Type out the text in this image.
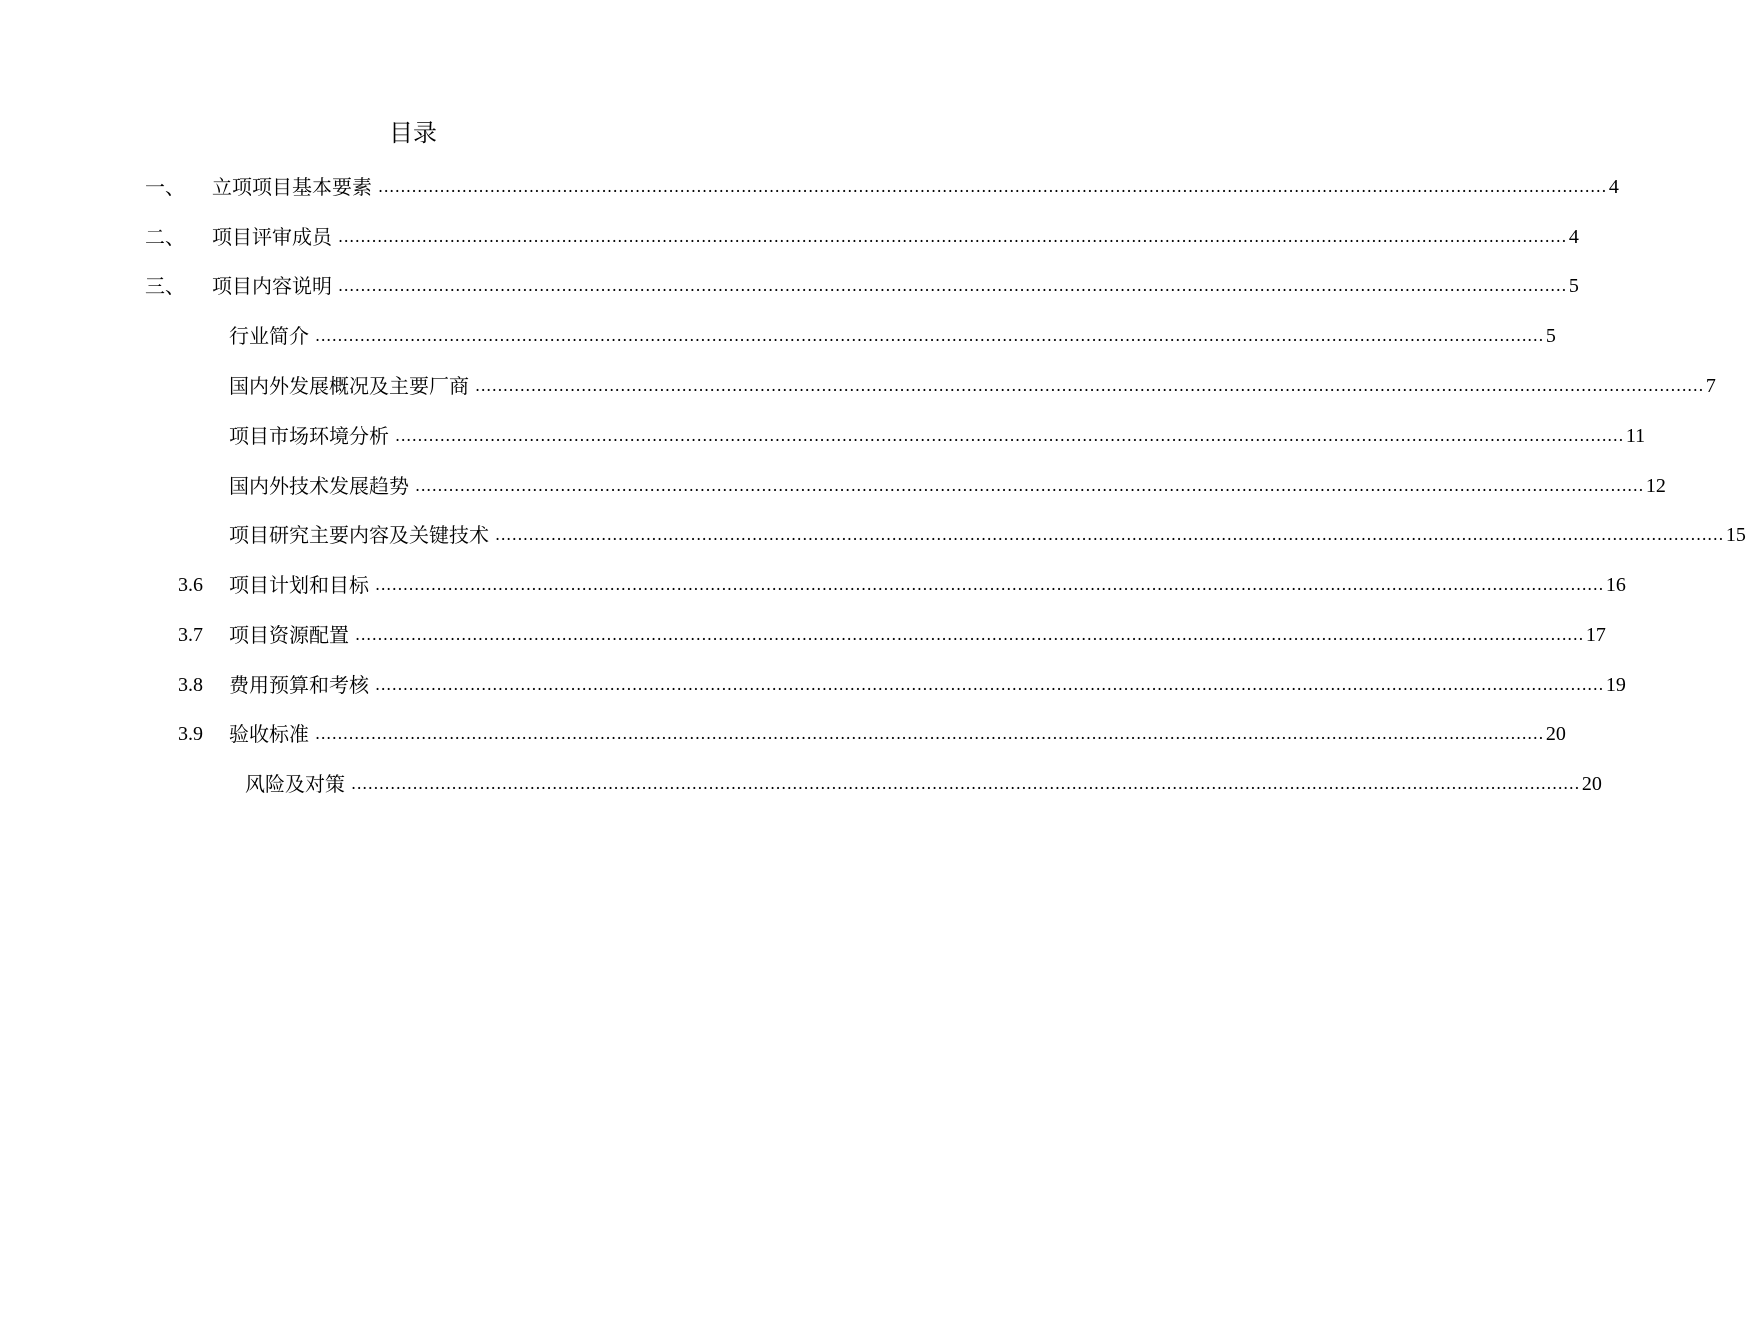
目录
一、 立项项目基本要素 ............................................................................................................................................................................................................................ 4
二、 项目评审成员 ............................................................................................................................................................................................................................ 4
三、 项目内容说明 ............................................................................................................................................................................................................................ 5
行业简介 ............................................................................................................................................................................................................................ 5
国内外发展概况及主要厂商 ............................................................................................................................................................................................................................ 7
项目市场环境分析 ............................................................................................................................................................................................................................ 11
国内外技术发展趋势 ............................................................................................................................................................................................................................ 12
项目研究主要内容及关键技术 ............................................................................................................................................................................................................................ 15
3.6 项目计划和目标 ............................................................................................................................................................................................................................ 16
3.7 项目资源配置 ............................................................................................................................................................................................................................ 17
3.8 费用预算和考核 ............................................................................................................................................................................................................................ 19
3.9 验收标准 ............................................................................................................................................................................................................................ 20
风险及对策 ............................................................................................................................................................................................................................ 20
